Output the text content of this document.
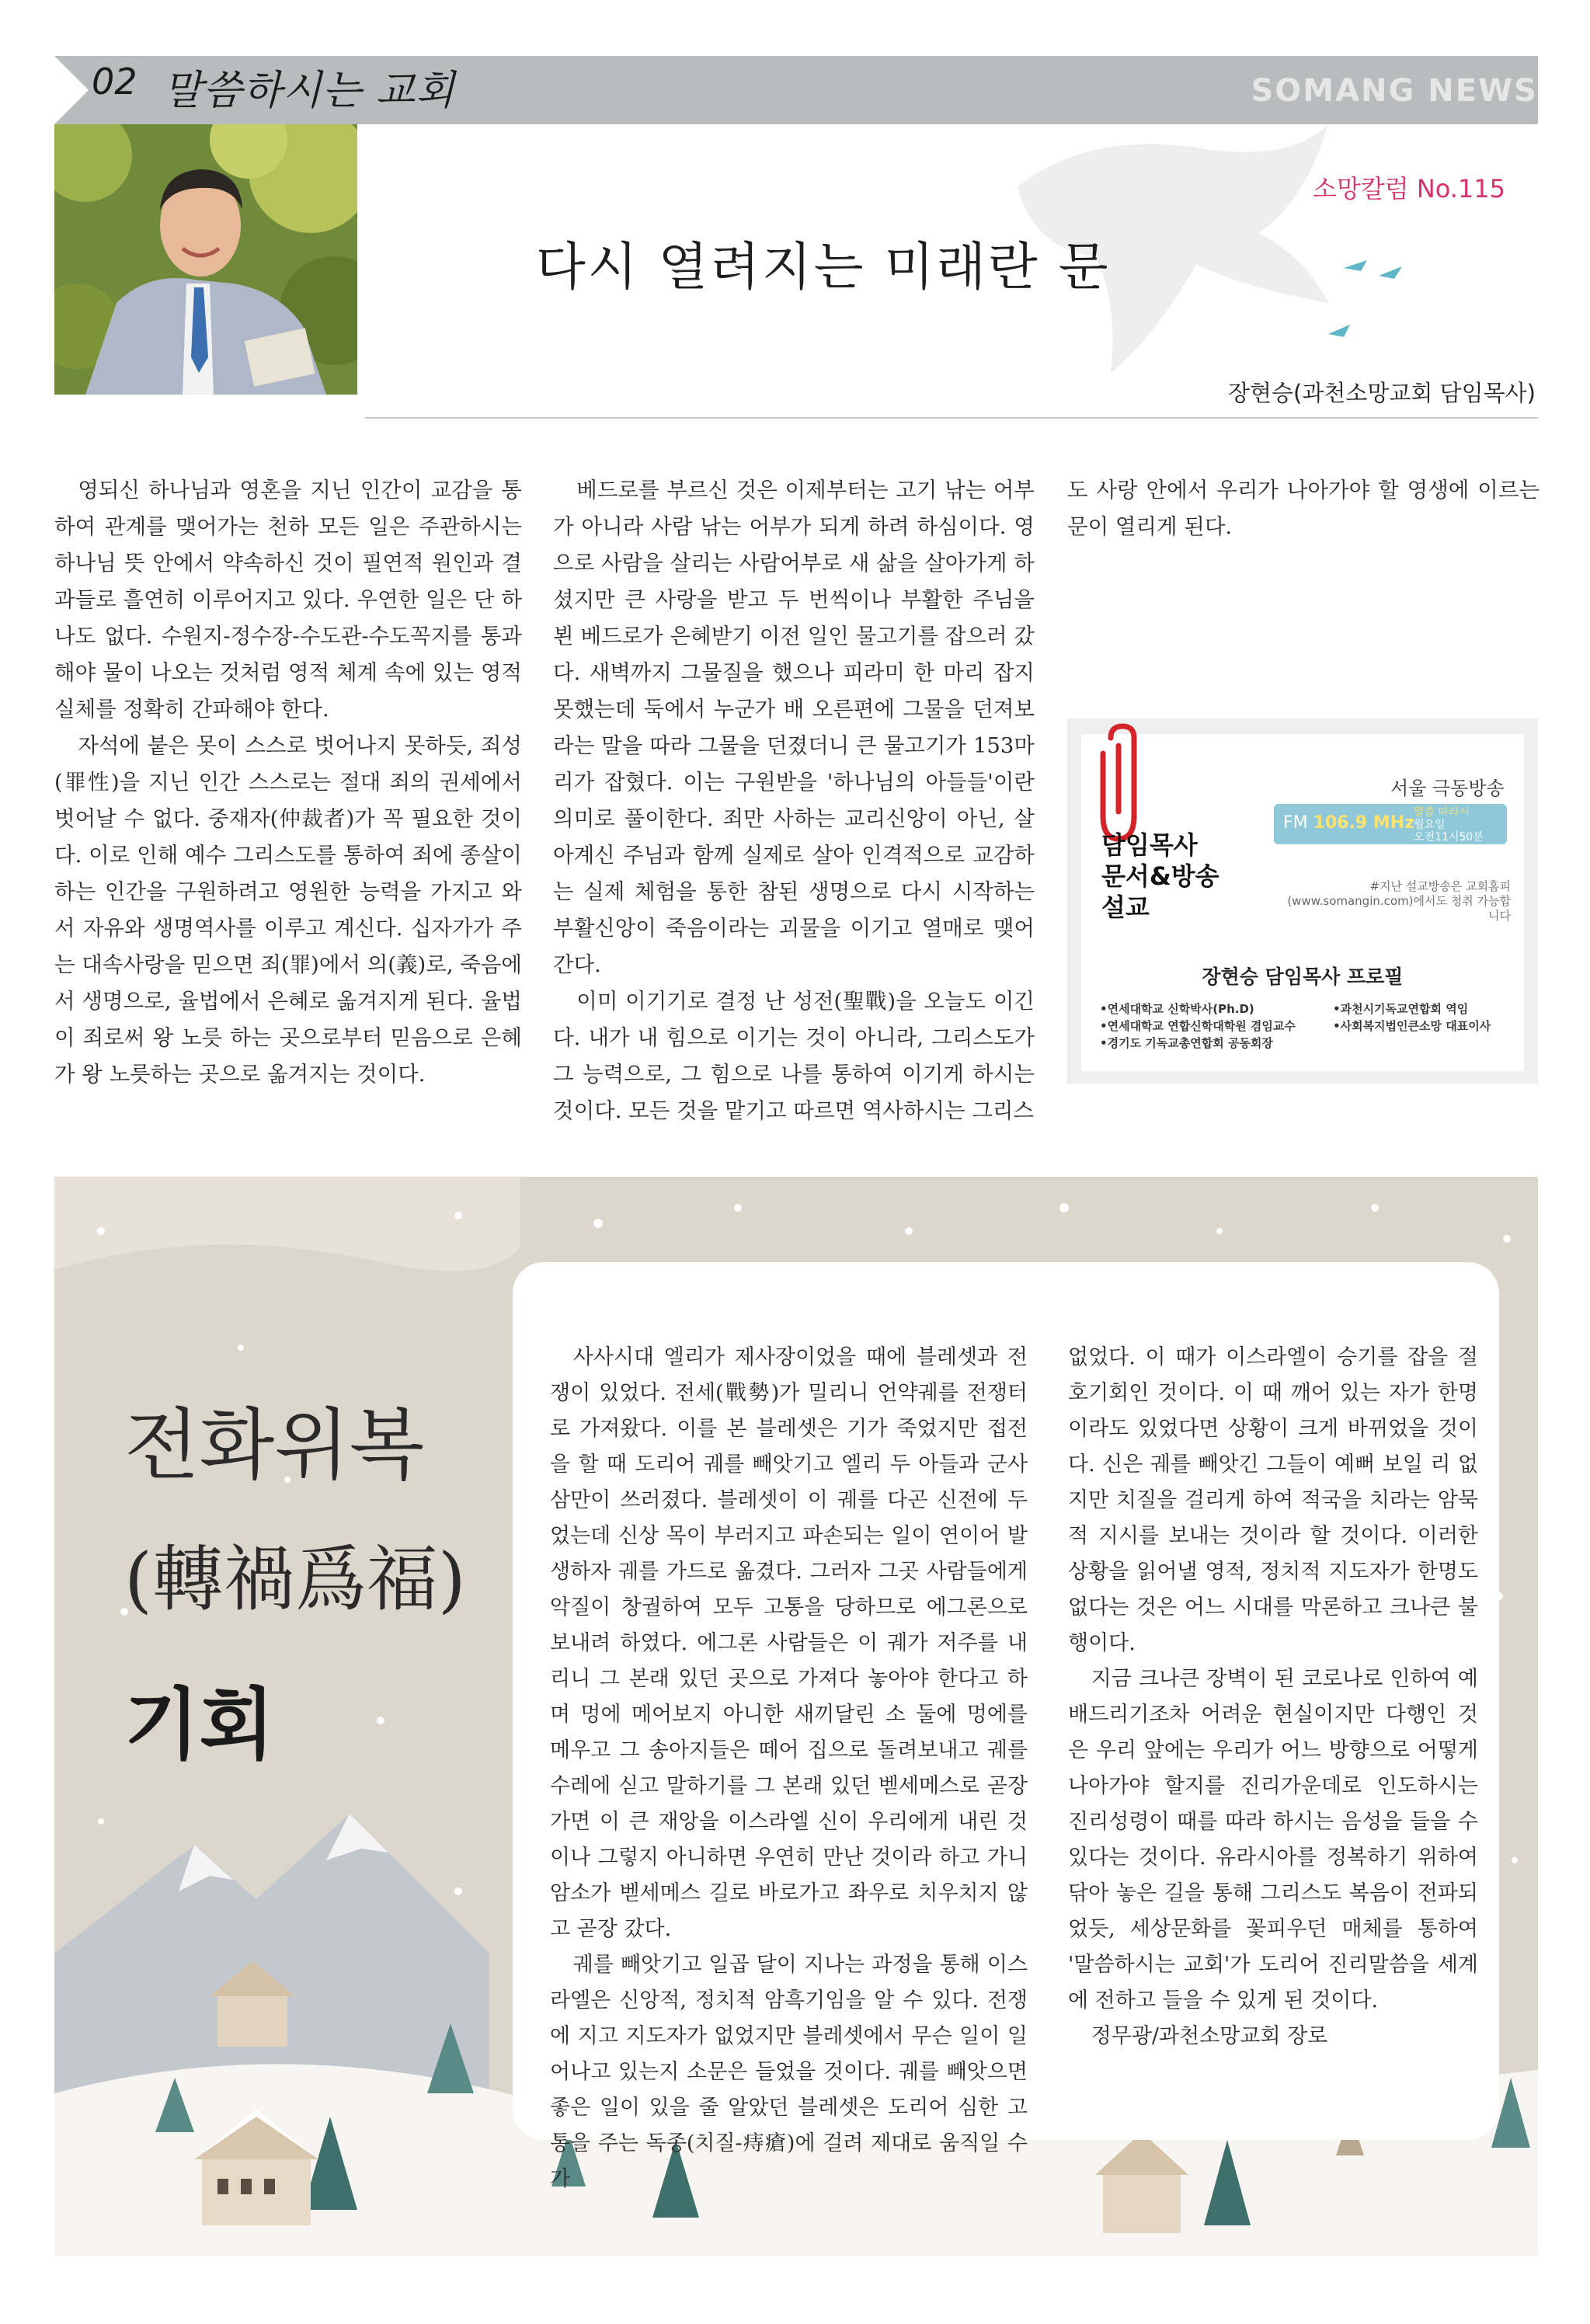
02 말씀하시는 교회	SOMANG NEWS
소망칼럼 No.115
다시 열려지는 미래란 문
장현승(과천소망교회 담임목사)

영되신 하나님과 영혼을 지닌 인간이 교감을 통하여 관계를 맺어가는 천하 모든 일은 주관하시는 하나님 뜻 안에서 약속하신 것이 필연적 원인과 결과들로 흘연히 이루어지고 있다. 우연한 일은 단 하나도 없다. 수원지-정수장-수도관-수도꼭지를 통과해야 물이 나오는 것처럼 영적 체계 속에 있는 영적실체를 정확히 간파해야 한다.

자석에 붙은 못이 스스로 벗어나지 못하듯, 죄성(罪性)을 지닌 인간 스스로는 절대 죄의 권세에서 벗어날 수 없다. 중재자(仲裁者)가 꼭 필요한 것이다. 이로 인해 예수 그리스도를 통하여 죄에 종살이 하는 인간을 구원하려고 영원한 능력을 가지고 와서 자유와 생명역사를 이루고 계신다. 십자가가 주는 대속사랑을 믿으면 죄(罪)에서 의(義)로, 죽음에서 생명으로, 율법에서 은혜로 옮겨지게 된다. 율법이 죄로써 왕 노릇 하는 곳으로부터 믿음으로 은혜가 왕 노릇하는 곳으로 옮겨지는 것이다.

베드로를 부르신 것은 이제부터는 고기 낚는 어부가 아니라 사람 낚는 어부가 되게 하려 하심이다. 영으로 사람을 살리는 사람어부로 새 삶을 살아가게 하셨지만 큰 사랑을 받고 두 번씩이나 부활한 주님을 뵌 베드로가 은혜받기 이전 일인 물고기를 잡으러 갔다. 새벽까지 그물질을 했으나 피라미 한 마리 잡지 못했는데 둑에서 누군가 배 오른편에 그물을 던져보라는 말을 따라 그물을 던졌더니 큰 물고기가 153마리가 잡혔다. 이는 구원받을 '하나님의 아들들'이란 의미로 풀이한다. 죄만 사하는 교리신앙이 아닌, 살아계신 주님과 함께 실제로 살아 인격적으로 교감하는 실제 체험을 통한 참된 생명으로 다시 시작하는 부활신앙이 죽음이라는 괴물을 이기고 열매로 맺어간다.

이미 이기기로 결정 난 성전(聖戰)을 오늘도 이긴다. 내가 내 힘으로 이기는 것이 아니라, 그리스도가 그 능력으로, 그 힘으로 나를 통하여 이기게 하시는 것이다. 모든 것을 맡기고 따르면 역사하시는 그리스

도 사랑 안에서 우리가 나아가야 할 영생에 이르는 문이 열리게 된다.

서울 극동방송
FM 106.9 MHz
말씀 따라서
월요일
오전11시50분
담임목사
문서&방송
설교
#지난 설교방송은 교회홈피
(www.somangin.com)에서도 청취 가능합니다
장현승 담임목사 프로필
•연세대학교 신학박사(Ph.D)
•연세대학교 연합신학대학원 겸임교수
•경기도 기독교총연합회 공동회장
•과천시기독교연합회 역임
•사회복지법인큰소망 대표이사
전화위복
(轉禍爲福)
기회

사사시대 엘리가 제사장이었을 때에 블레셋과 전쟁이 있었다. 전세(戰勢)가 밀리니 언약궤를 전쟁터로 가져왔다. 이를 본 블레셋은 기가 죽었지만 접전을 할 때 도리어 궤를 빼앗기고 엘리 두 아들과 군사 삼만이 쓰러졌다. 블레셋이 이 궤를 다곤 신전에 두었는데 신상 목이 부러지고 파손되는 일이 연이어 발생하자 궤를 가드로 옮겼다. 그러자 그곳 사람들에게 악질이 창궐하여 모두 고통을 당하므로 에그론으로 보내려 하였다. 에그론 사람들은 이 궤가 저주를 내리니 그 본래 있던 곳으로 가져다 놓아야 한다고 하며 멍에 메어보지 아니한 새끼달린 소 둘에 멍에를 메우고 그 송아지들은 떼어 집으로 돌려보내고 궤를 수레에 싣고 말하기를 그 본래 있던 벧세메스로 곧장 가면 이 큰 재앙을 이스라엘 신이 우리에게 내린 것이나 그렇지 아니하면 우연히 만난 것이라 하고 가니 암소가 벧세메스 길로 바로가고 좌우로 치우치지 않고 곧장 갔다.

궤를 빼앗기고 일곱 달이 지나는 과정을 통해 이스라엘은 신앙적, 정치적 암흑기임을 알 수 있다. 전쟁에 지고 지도자가 없었지만 블레셋에서 무슨 일이 일어나고 있는지 소문은 들었을 것이다. 궤를 빼앗으면 좋은 일이 있을 줄 알았던 블레셋은 도리어 심한 고통을 주는 독종(치질-痔瘡)에 걸려 제대로 움직일 수가

없었다. 이 때가 이스라엘이 승기를 잡을 절호기회인 것이다. 이 때 깨어 있는 자가 한명이라도 있었다면 상황이 크게 바뀌었을 것이다. 신은 궤를 빼앗긴 그들이 예뻐 보일 리 없지만 치질을 걸리게 하여 적국을 치라는 암묵적 지시를 보내는 것이라 할 것이다. 이러한 상황을 읽어낼 영적, 정치적 지도자가 한명도 없다는 것은 어느 시대를 막론하고 크나큰 불행이다.

지금 크나큰 장벽이 된 코로나로 인하여 예배드리기조차 어려운 현실이지만 다행인 것은 우리 앞에는 우리가 어느 방향으로 어떻게 나아가야 할지를 진리가운데로 인도하시는 진리성령이 때를 따라 하시는 음성을 들을 수 있다는 것이다. 유라시아를 정복하기 위하여 닦아 놓은 길을 통해 그리스도 복음이 전파되었듯, 세상문화를 꽃피우던 매체를 통하여 '말씀하시는 교회'가 도리어 진리말씀을 세계에 전하고 들을 수 있게 된 것이다.

정무광/과천소망교회 장로
